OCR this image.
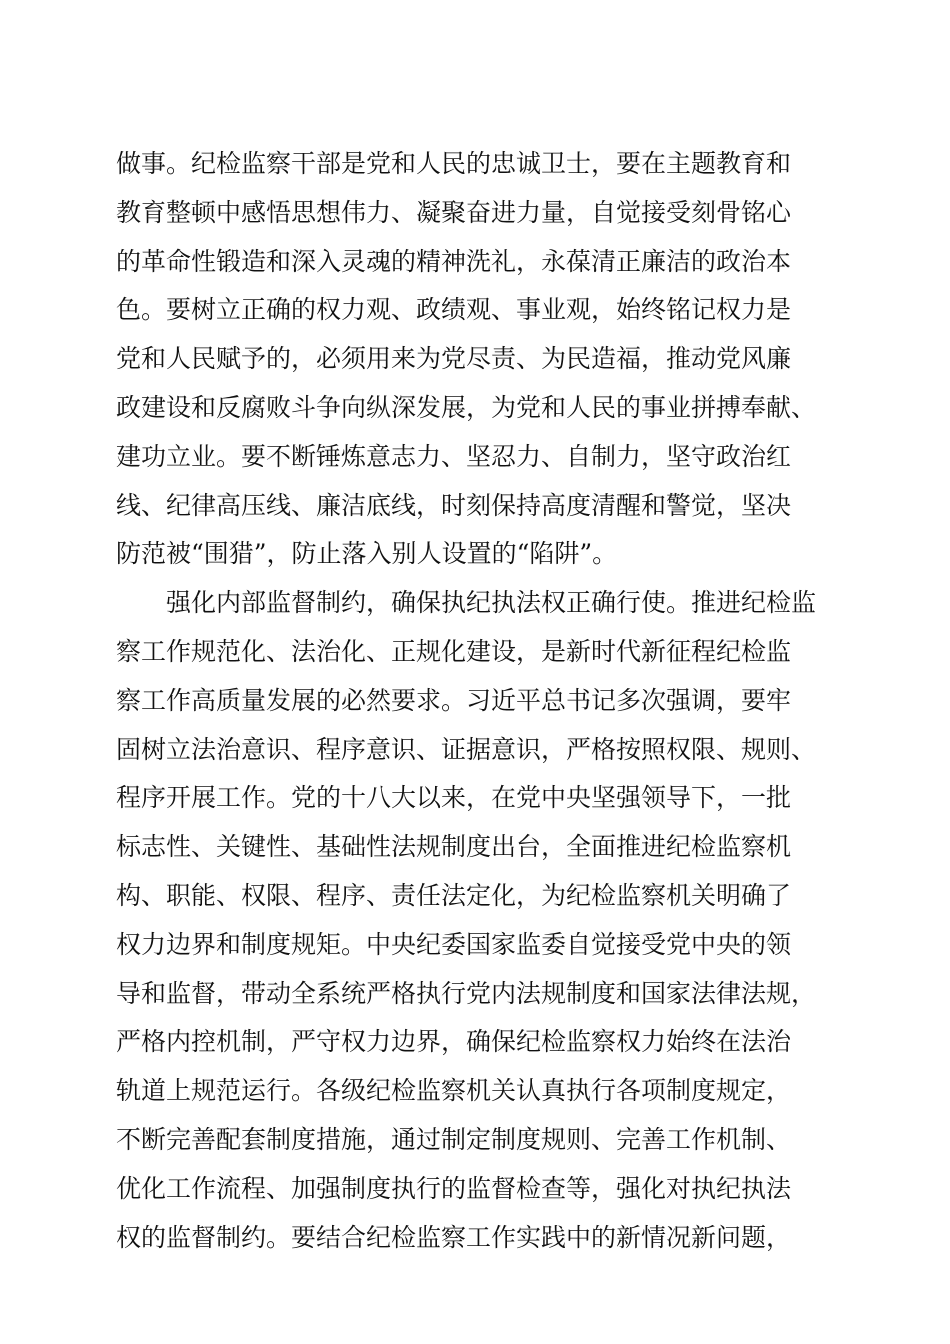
做事。纪检监察干部是党和人民的忠诚卫士，要在主题教育和
教育整顿中感悟思想伟力、凝聚奋进力量，自觉接受刻骨铭心
的革命性锻造和深入灵魂的精神洗礼，永葆清正廉洁的政治本
色。要树立正确的权力观、政绩观、事业观，始终铭记权力是
党和人民赋予的，必须用来为党尽责、为民造福，推动党风廉
政建设和反腐败斗争向纵深发展，为党和人民的事业拼搏奉献、
建功立业。要不断锤炼意志力、坚忍力、自制力，坚守政治红
线、纪律高压线、廉洁底线，时刻保持高度清醒和警觉，坚决
防范被“围猎”，防止落入别人设置的“陷阱”。
强化内部监督制约，确保执纪执法权正确行使。推进纪检监
察工作规范化、法治化、正规化建设，是新时代新征程纪检监
察工作高质量发展的必然要求。习近平总书记多次强调，要牢
固树立法治意识、程序意识、证据意识，严格按照权限、规则、
程序开展工作。党的十八大以来，在党中央坚强领导下，一批
标志性、关键性、基础性法规制度出台，全面推进纪检监察机
构、职能、权限、程序、责任法定化，为纪检监察机关明确了
权力边界和制度规矩。中央纪委国家监委自觉接受党中央的领
导和监督，带动全系统严格执行党内法规制度和国家法律法规，
严格内控机制，严守权力边界，确保纪检监察权力始终在法治
轨道上规范运行。各级纪检监察机关认真执行各项制度规定，
不断完善配套制度措施，通过制定制度规则、完善工作机制、
优化工作流程、加强制度执行的监督检查等，强化对执纪执法
权的监督制约。要结合纪检监察工作实践中的新情况新问题，
